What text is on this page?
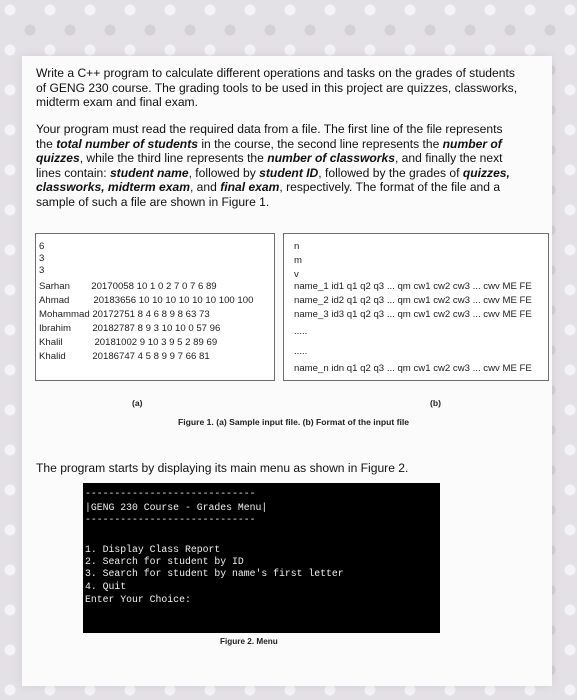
Write a C++ program to calculate different operations and tasks on the grades of students
of GENG 230 course. The grading tools to be used in this project are quizzes, classworks,
midterm exam and final exam.

Your program must read the required data from a file. The first line of the file represents
the total number of students in the course, the second line represents the number of
quizzes, while the third line represents the number of classworks, and finally the next
lines contain: student name, followed by student ID, followed by the grades of quizzes,
classworks, midterm exam, and final exam, respectively. The format of the file and a
sample of such a file are shown in Figure 1.

6
3
3
Sarhan        20170058 10 1 0 2 7 0 7 6 89
Ahmad         20183656 10 10 10 10 10 10 100 100
Mohammad 20172751 8 4 6 8 9 8 63 73
Ibrahim        20182787 8 9 3 10 10 0 57 96
Khalil            20181002 9 10 3 9 5 2 89 69
Khalid          20186747 4 5 8 9 9 7 66 81
n
m
v
name_1 id1 q1 q2 q3 ... qm cw1 cw2 cw3 ... cwv ME FE
name_2 id2 q1 q2 q3 ... qm cw1 cw2 cw3 ... cwv ME FE
name_3 id3 q1 q2 q3 ... qm cw1 cw2 cw3 ... cwv ME FE
.....
.....
name_n idn q1 q2 q3 ... qm cw1 cw2 cw3 ... cwv ME FE
(a)	(b)
Figure 1. (a) Sample input file. (b) Format of the input file

The program starts by displaying its main menu as shown in Figure 2.

-----------------------------
|GENG 230 Course - Grades Menu|
-----------------------------
1. Display Class Report
2. Search for student by ID
3. Search for student by name's first letter
4. Quit
Enter Your Choice:
Figure 2. Menu
